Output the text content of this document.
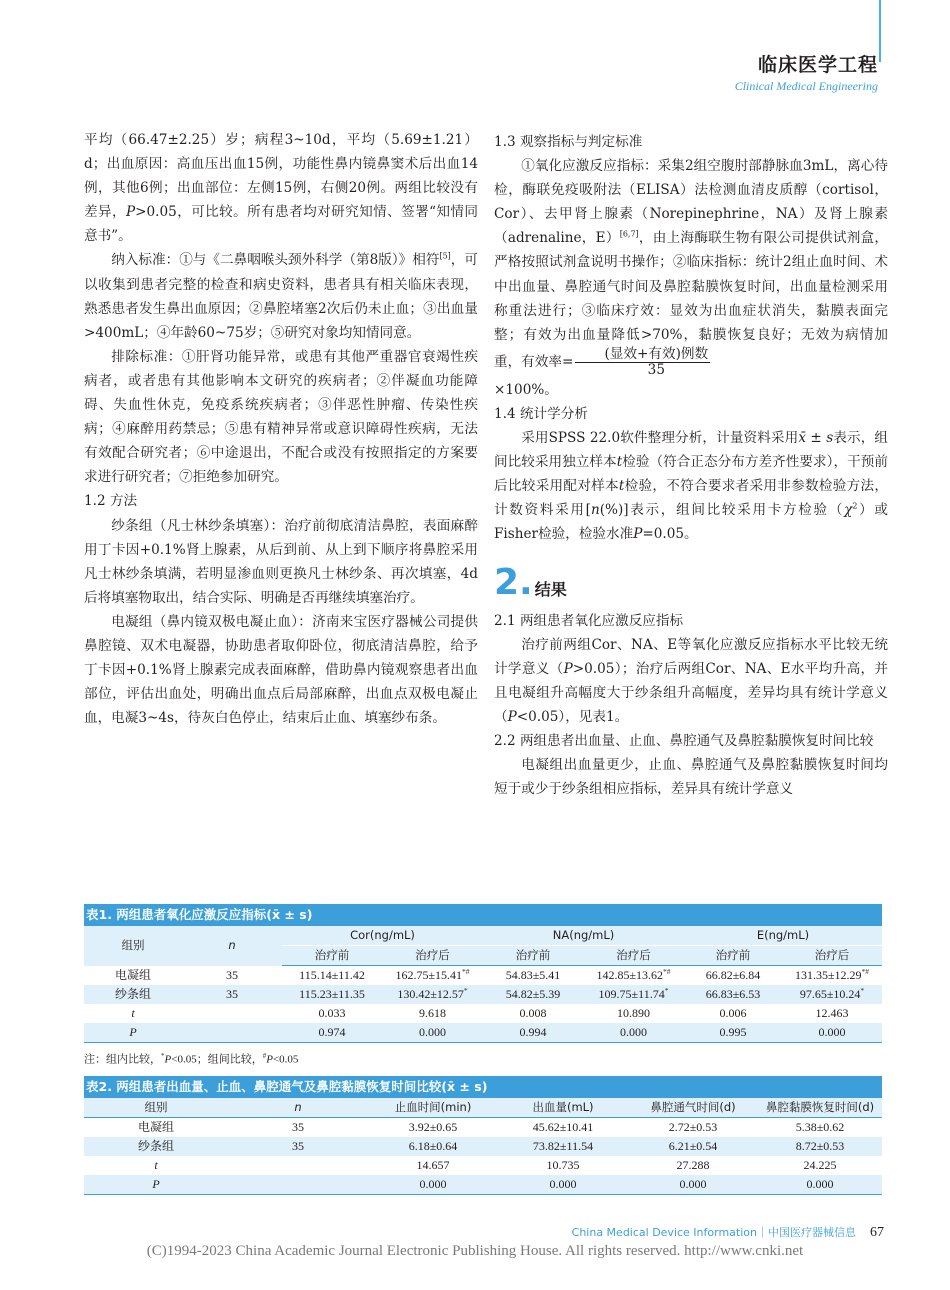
临床医学工程
Clinical Medical Engineering

平均（66.47±2.25）岁；病程3~10d，平均（5.69±1.21）d；出血原因：高血压出血15例，功能性鼻内镜鼻窦术后出血14例，其他6例；出血部位：左侧15例，右侧20例。两组比较没有差异，P>0.05，可比较。所有患者均对研究知情、签署“知情同意书”。

纳入标准：①与《二鼻咽喉头颈外科学（第8版）》相符[5]，可以收集到患者完整的检查和病史资料，患者具有相关临床表现，熟悉患者发生鼻出血原因；②鼻腔堵塞2次后仍未止血；③出血量>400mL；④年龄60~75岁；⑤研究对象均知情同意。

排除标准：①肝肾功能异常，或患有其他严重器官衰竭性疾病者，或者患有其他影响本文研究的疾病者；②伴凝血功能障碍、失血性休克，免疫系统疾病者；③伴恶性肿瘤、传染性疾病；④麻醉用药禁忌；⑤患有精神异常或意识障碍性疾病，无法有效配合研究者；⑥中途退出，不配合或没有按照指定的方案要求进行研究者；⑦拒绝参加研究。

1.2 方法

纱条组（凡士林纱条填塞）：治疗前彻底清洁鼻腔，表面麻醉用丁卡因+0.1%肾上腺素，从后到前、从上到下顺序将鼻腔采用凡士林纱条填满，若明显渗血则更换凡士林纱条、再次填塞，4d后将填塞物取出，结合实际、明确是否再继续填塞治疗。

电凝组（鼻内镜双极电凝止血）：济南来宝医疗器械公司提供鼻腔镜、双术电凝器，协助患者取仰卧位，彻底清洁鼻腔，给予丁卡因+0.1%肾上腺素完成表面麻醉，借助鼻内镜观察患者出血部位，评估出血处，明确出血点后局部麻醉，出血点双极电凝止血，电凝3~4s，待灰白色停止，结束后止血、填塞纱布条。

1.3 观察指标与判定标准

①氧化应激反应指标：采集2组空腹肘部静脉血3mL，离心待检，酶联免疫吸附法（ELISA）法检测血清皮质醇（cortisol，Cor）、去甲肾上腺素（Norepinephrine，NA）及肾上腺素（adrenaline，E）[6,7]，由上海酶联生物有限公司提供试剂盒，严格按照试剂盒说明书操作；②临床指标：统计2组止血时间、术中出血量、鼻腔通气时间及鼻腔黏膜恢复时间，出血量检测采用称重法进行；③临床疗效：显效为出血症状消失，黏膜表面完整；有效为出血量降低>70%，黏膜恢复良好；无效为病情加重，有效率= $\frac{\text{(显效+有效)例数}}{35}$

×100%。

1.4 统计学分析

采用SPSS 22.0软件整理分析，计量资料采用x̄ ± s表示，组间比较采用独立样本t检验（符合正态分布方差齐性要求），干预前后比较采用配对样本t检验，不符合要求者采用非参数检验方法，计数资料采用[n(%)]表示，组间比较采用卡方检验$(\chi^2)$或Fisher检验，检验水准P=0.05。

2. 结果

2.1 两组患者氧化应激反应指标

治疗前两组Cor、NA、E等氧化应激反应指标水平比较无统计学意义（P>0.05）；治疗后两组Cor、NA、E水平均升高，并且电凝组升高幅度大于纱条组升高幅度，差异均具有统计学意义（P<0.05），见表1。

2.2 两组患者出血量、止血、鼻腔通气及鼻腔黏膜恢复时间比较

电凝组出血量更少，止血、鼻腔通气及鼻腔黏膜恢复时间均短于或少于纱条组相应指标，差异具有统计学意义

表1. 两组患者氧化应激反应指标(x̄ ± s)
组别	n	Cor(ng/mL)		NA(ng/mL)		E(ng/mL)	
		治疗前	治疗后	治疗前	治疗后	治疗前	治疗后
电凝组	35	115.14±11.42	162.75±15.41*#	54.83±5.41	142.85±13.62*#	66.82±6.84	131.35±12.29*#
纱条组	35	115.23±11.35	130.42±12.57*	54.82±5.39	109.75±11.74*	66.83±6.53	97.65±10.24*
t		0.033	9.618	0.008	10.890	0.006	12.463
P		0.974	0.000	0.994	0.000	0.995	0.000
注：组内比较，*P<0.05；组间比较，#P<0.05
表2. 两组患者出血量、止血、鼻腔通气及鼻腔黏膜恢复时间比较(x̄ ± s)
组别	n	止血时间(min)	出血量(mL)	鼻腔通气时间(d)	鼻腔黏膜恢复时间(d)
电凝组	35	3.92±0.65	45.62±10.41	2.72±0.53	5.38±0.62
纱条组	35	6.18±0.64	73.82±11.54	6.21±0.54	8.72±0.53
t		14.657	10.735	27.288	24.225
P		0.000	0.000	0.000	0.000
China Medical Device Information｜中国医疗器械信息 67
(C)1994-2023 China Academic Journal Electronic Publishing House. All rights reserved. http://www.cnki.net
